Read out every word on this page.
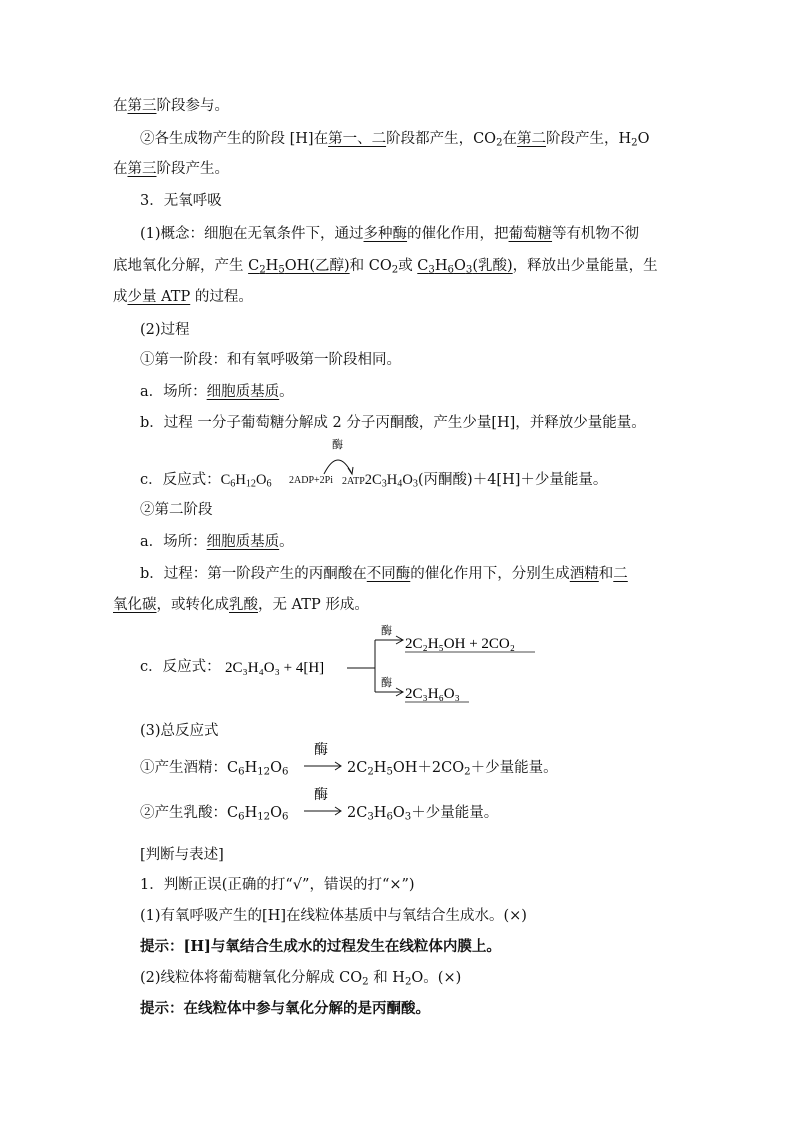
在第三阶段参与。
②各生成物产生的阶段 [H]在第一、二阶段都产生，$CO_2$在第二阶段产生，$H_2O$
在第三阶段产生。
3．无氧呼吸
(1)概念：细胞在无氧条件下，通过多种酶的催化作用，把葡萄糖等有机物不彻
底地氧化分解，产生 $C_2H_5OH$(乙醇)和 $CO_2$或 $C_3H_6O_3$(乳酸)，释放出少量能量，生
成少量 ATP 的过程。
(2)过程
①第一阶段：和有氧呼吸第一阶段相同。
a．场所：细胞质基质。
b．过程 一分子葡萄糖分解成 2 分子丙酮酸，产生少量[H]，并释放少量能量。
c．反应式：$C_6H_{12}O_6$ 2ADP+2Pi
酶
$2ATP2C_3H_4O_3$(丙酮酸)＋4[H]＋少量能量。
②第二阶段
a．场所：细胞质基质。
b．过程：第一阶段产生的丙酮酸在不同酶的催化作用下，分别生成酒精和二
氧化碳，或转化成乳酸，无 ATP 形成。
c．反应式： 2C₃H₄O₃ + 4[H]
酶
2C₂H₅OH + 2CO₂
酶
2C₃H₆O₃
(3)总反应式
①产生酒精：$C_6H_{12}O_6$
酶
$2C_2H_5OH+2CO_2+$少量能量。
②产生乳酸：$C_6H_{12}O_6$
酶
$2C_3H_6O_3+$少量能量。
[判断与表述]
1．判断正误(正确的打“√”，错误的打“×”)
(1)有氧呼吸产生的[H]在线粒体基质中与氧结合生成水。(×)
提示：[H]与氧结合生成水的过程发生在线粒体内膜上。
(2)线粒体将葡萄糖氧化分解成 $CO_2$ 和 $H_2O$。(×)
提示：在线粒体中参与氧化分解的是丙酮酸。
